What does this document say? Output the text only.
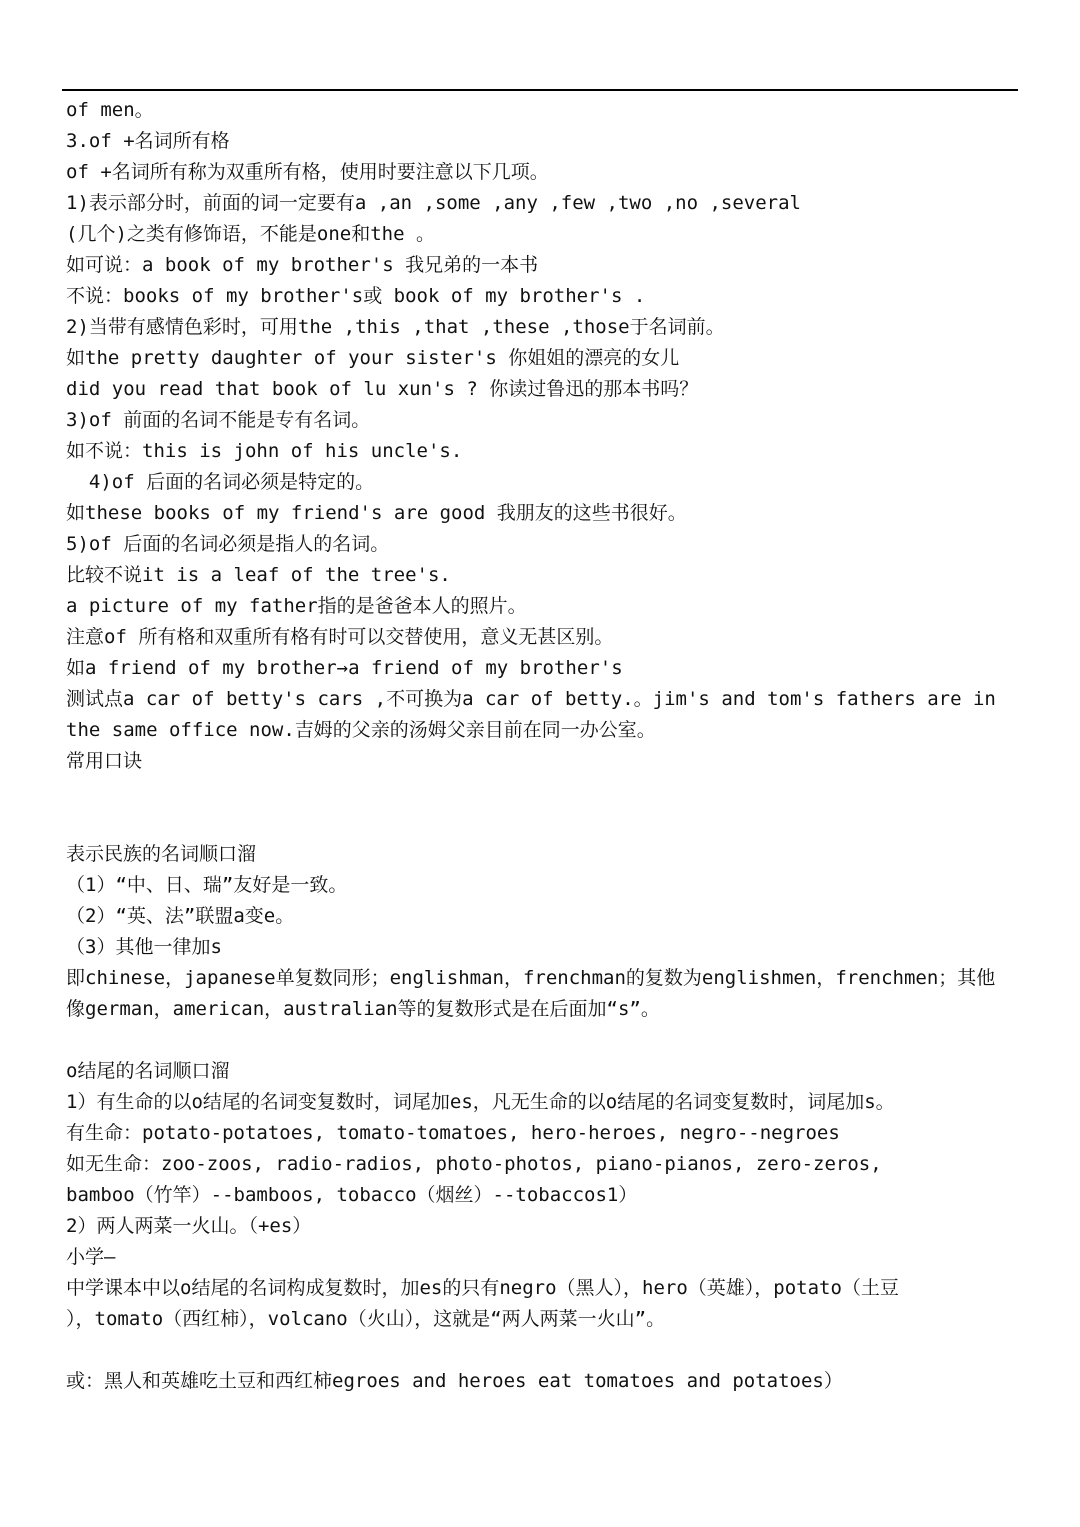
of men。
3.of +名词所有格
of +名词所有称为双重所有格，使用时要注意以下几项。
1)表示部分时，前面的词一定要有a ,an ,some ,any ,few ,two ,no ,several
(几个)之类有修饰语，不能是one和the 。
如可说：a book of my brother's 我兄弟的一本书
不说：books of my brother's或 book of my brother's .
2)当带有感情色彩时，可用the ,this ,that ,these ,those于名词前。
如the pretty daughter of your sister's 你姐姐的漂亮的女儿
did you read that book of lu xun's ? 你读过鲁迅的那本书吗？
3)of 前面的名词不能是专有名词。
如不说：this is john of his uncle's.
4)of 后面的名词必须是特定的。
如these books of my friend's are good 我朋友的这些书很好。
5)of 后面的名词必须是指人的名词。
比较不说it is a leaf of the tree's.
a picture of my father指的是爸爸本人的照片。
注意of 所有格和双重所有格有时可以交替使用，意义无甚区别。
如a friend of my brother→a friend of my brother's
测试点a car of betty's cars ,不可换为a car of betty.。jim's and tom's fathers are in
the same office now.吉姆的父亲的汤姆父亲目前在同一办公室。
常用口诀
表示民族的名词顺口溜
（1）“中、日、瑞”友好是一致。
（2）“英、法”联盟a变e。
（3）其他一律加s
即chinese，japanese单复数同形；englishman，frenchman的复数为englishmen，frenchmen；其他
像german，american，australian等的复数形式是在后面加“s”。
o结尾的名词顺口溜
1）有生命的以o结尾的名词变复数时，词尾加es，凡无生命的以o结尾的名词变复数时，词尾加s。
有生命：potato-potatoes, tomato-tomatoes, hero-heroes, negro--negroes
如无生命：zoo-zoos, radio-radios, photo-photos, piano-pianos, zero-zeros,
bamboo（竹竿）--bamboos, tobacco（烟丝）--tobaccos1）
2）两人两菜一火山。（+es）
小学—
中学课本中以o结尾的名词构成复数时，加es的只有negro（黑人），hero（英雄），potato（土豆
），tomato（西红柿），volcano（火山），这就是“两人两菜一火山”。
或：黑人和英雄吃土豆和西红柿egroes and heroes eat tomatoes and potatoes）
